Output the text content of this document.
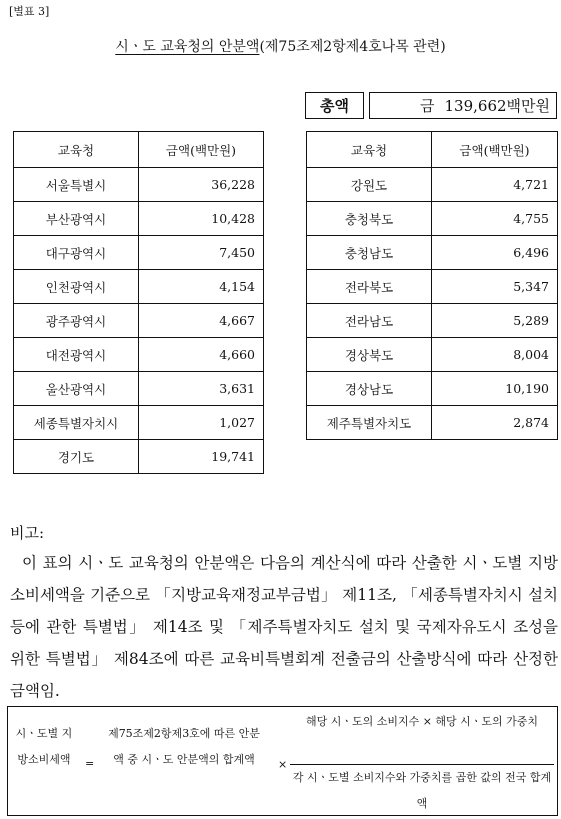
[별표 3]
시ㆍ도 교육청의 안분액(제75조제2항제4호나목 관련)
총액	금 139,662백만원
교육청	금액(백만원)
서울특별시	36,228
부산광역시	10,428
대구광역시	7,450
인천광역시	4,154
광주광역시	4,667
대전광역시	4,660
울산광역시	3,631
세종특별자치시	1,027
경기도	19,741
교육청	금액(백만원)
강원도	4,721
충청북도	4,755
충청남도	6,496
전라북도	5,347
전라남도	5,289
경상북도	8,004
경상남도	10,190
제주특별자치도	2,874
비고:
이 표의 시ㆍ도 교육청의 안분액은 다음의 계산식에 따라 산출한 시ㆍ도별 지방소비세액을 기준으로 「지방교육재정교부금법」 제11조, 「세종특별자치시 설치 등에 관한 특별법」 제14조 및 「제주특별자치도 설치 및 국제자유도시 조성을 위한 특별법」 제84조에 따른 교육비특별회계 전출금의 산출방식에 따라 산정한 금액임.
시ㆍ도별 지방소비세액	=
제75조제2항제3호에 따른 안분액 중 시ㆍ도 안분액의 합계액	×
해당 시ㆍ도의 소비지수 × 해당 시ㆍ도의 가중치
각 시ㆍ도별 소비지수와 가중치를 곱한 값의 전국 합계액
